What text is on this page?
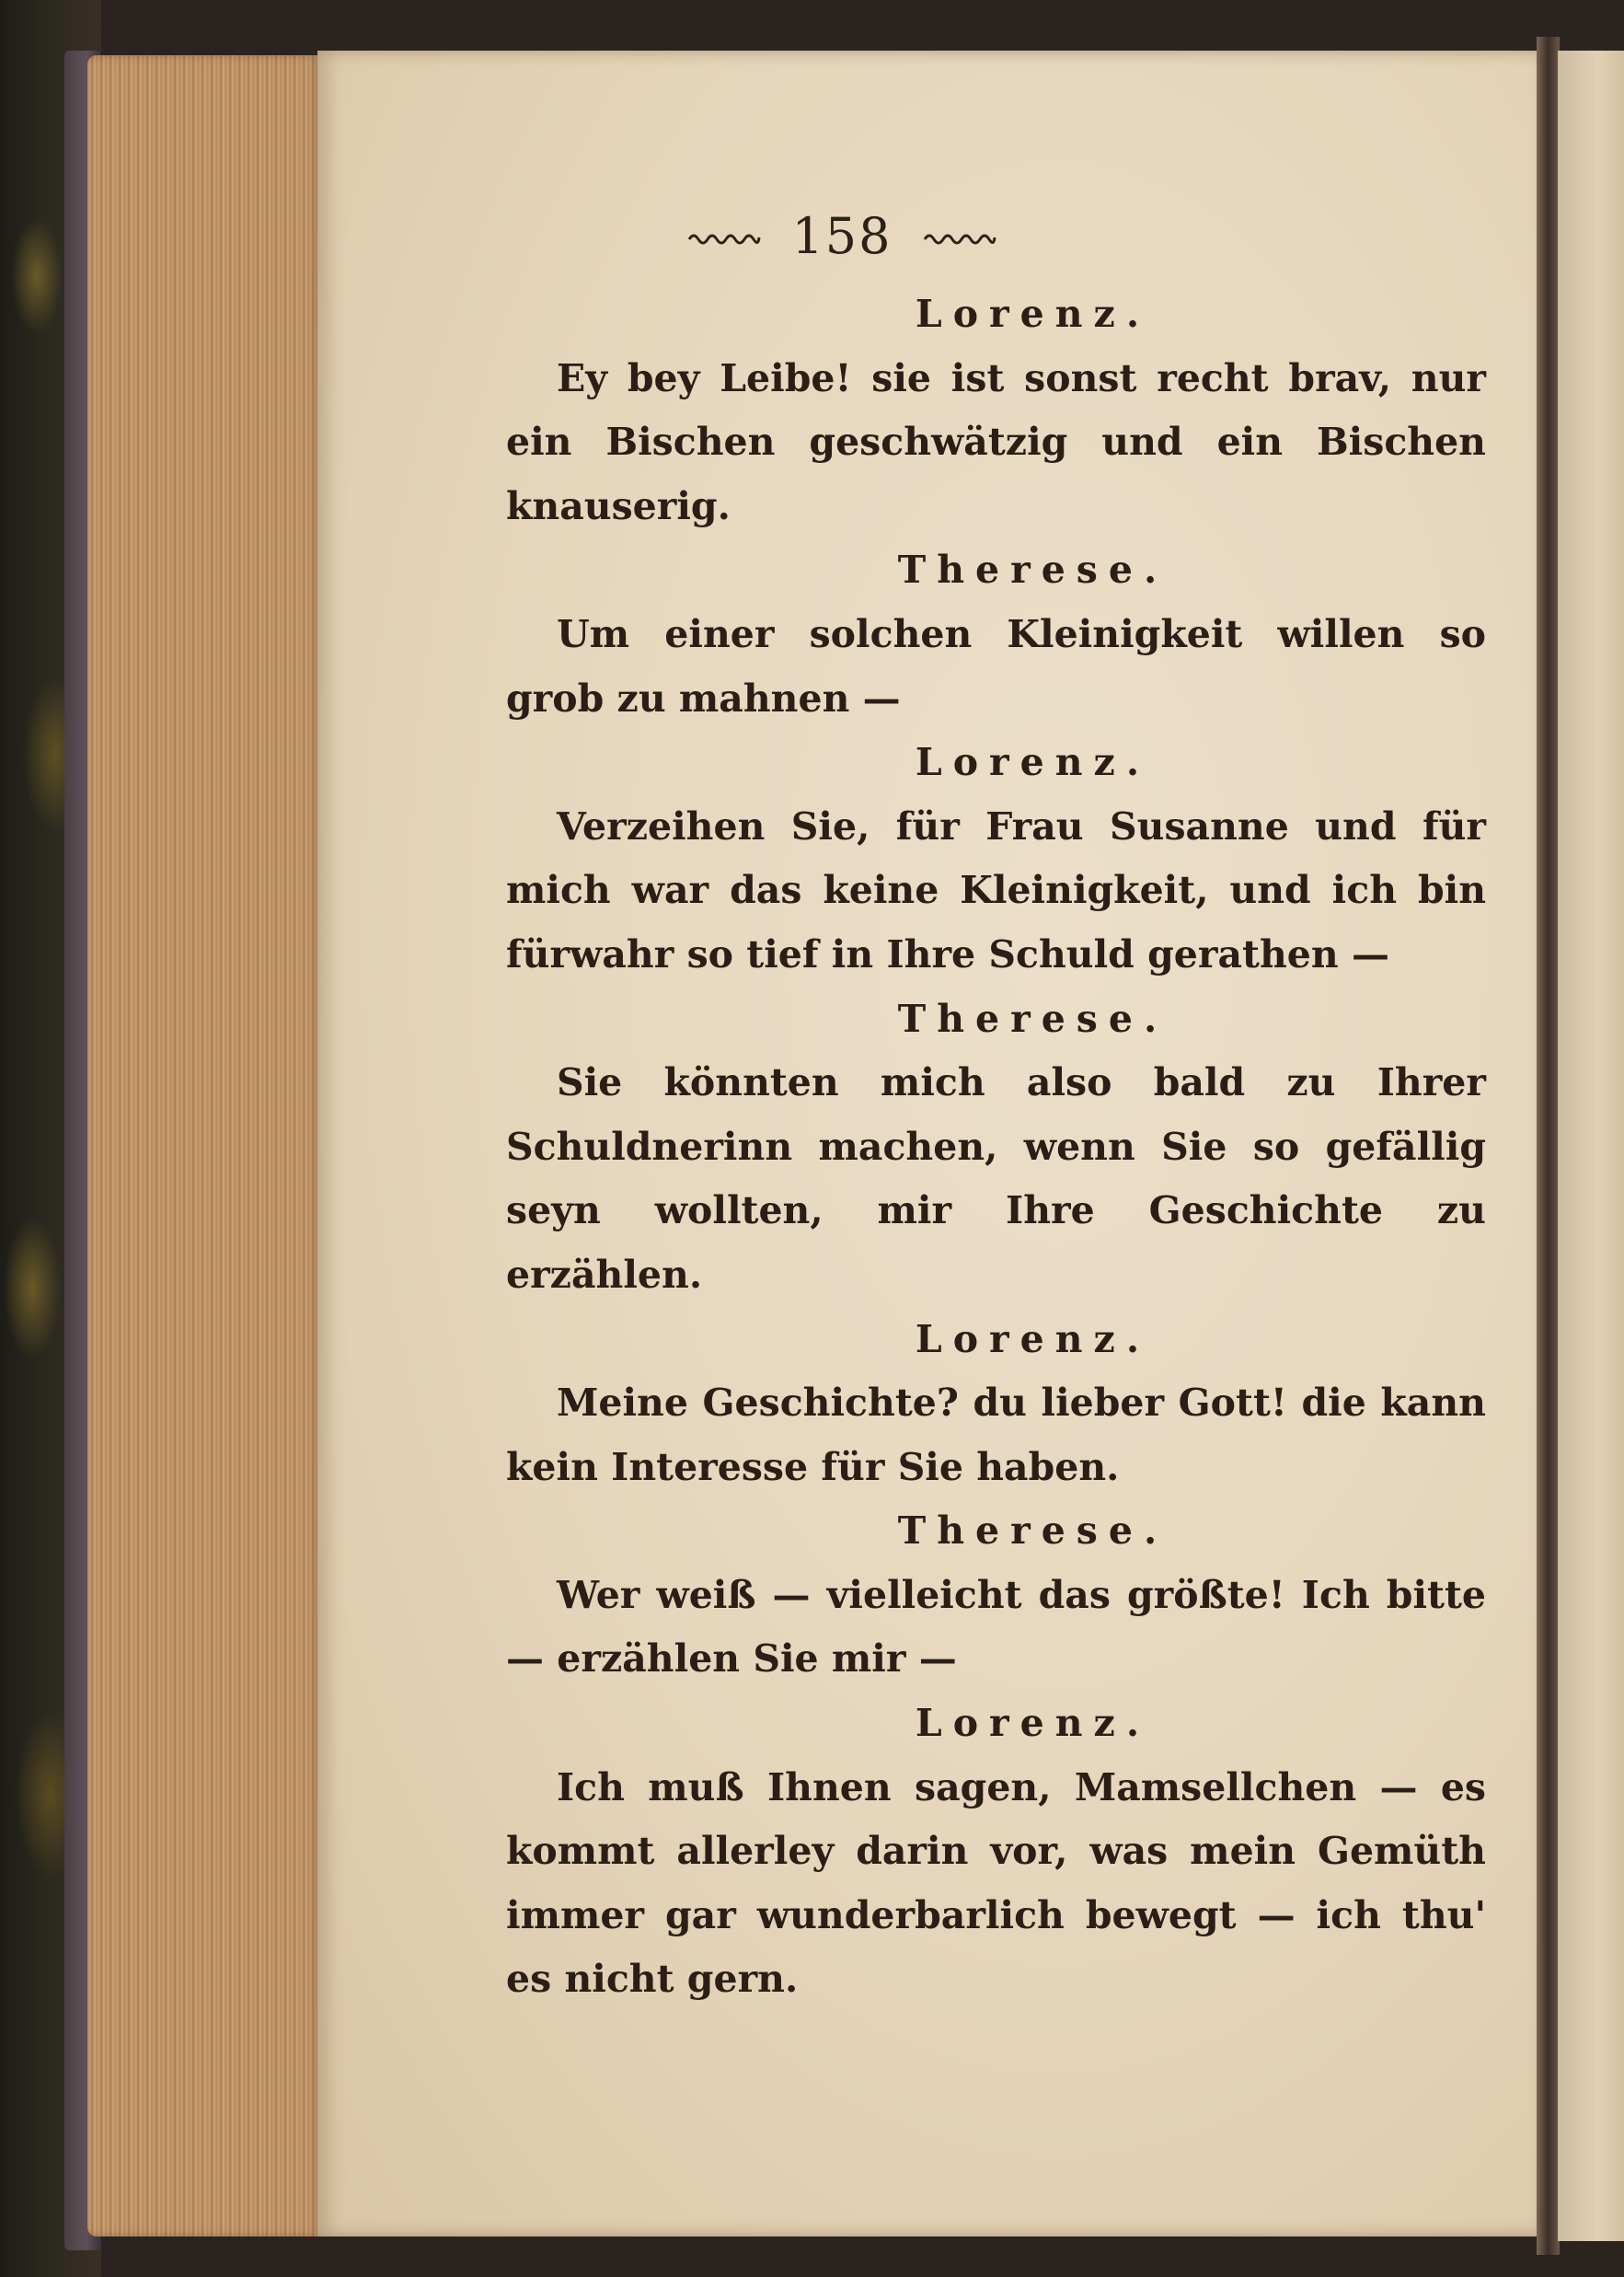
158
Lorenz.
Ey bey Leibe! sie ist sonst recht brav, nur ein Bischen geschwätzig und ein Bischen knauserig.
Therese.
Um einer solchen Kleinigkeit willen so grob zu mahnen —
Lorenz.
Verzeihen Sie, für Frau Susanne und für mich war das keine Kleinigkeit, und ich bin fürwahr so tief in Ihre Schuld gerathen —
Therese.
Sie könnten mich also bald zu Ihrer Schuldnerinn machen, wenn Sie so gefällig seyn wollten, mir Ihre Geschichte zu erzählen.
Lorenz.
Meine Geschichte? du lieber Gott! die kann kein Interesse für Sie haben.
Therese.
Wer weiß — vielleicht das größte! Ich bitte — erzählen Sie mir —
Lorenz.
Ich muß Ihnen sagen, Mamsellchen — es kommt allerley darin vor, was mein Gemüth immer gar wunderbarlich bewegt — ich thu' es nicht gern.
